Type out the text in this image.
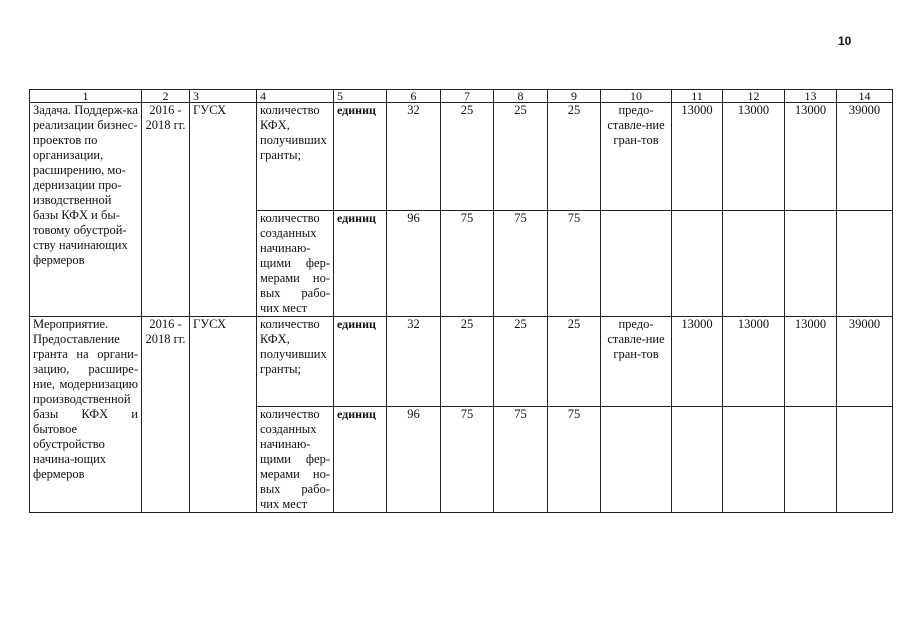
10
1	2	3	4	5	6	7	8	9	10	11	12	13	14
Задача. Поддерж-ка реализации бизнес-проектов по организации, расширению, мо-дернизации про-изводственной базы КФХ и бы-товому обустрой-ству начинающих фермеров	2016 - 2018 гг.	ГУСХ	количество КФХ, получивших гранты;	единиц	32	25	25	25	предо-ставле-ние гран-тов	13000	13000	13000	39000
			количество созданных начинаю-щими фер-мерами но-вых рабо-чих мест	единиц	96	75	75	75					
Мероприятие. Предоставление гранта на органи-зацию, расшире-ние, модернизацию производственной базы КФХ и бытовое обустройство начина-ющих фермеров	2016 - 2018 гг.	ГУСХ	количество КФХ, получивших гранты;	единиц	32	25	25	25	предо-ставле-ние гран-тов	13000	13000	13000	39000
			количество созданных начинаю-щими фер-мерами но-вых рабо-чих мест	единиц	96	75	75	75					
